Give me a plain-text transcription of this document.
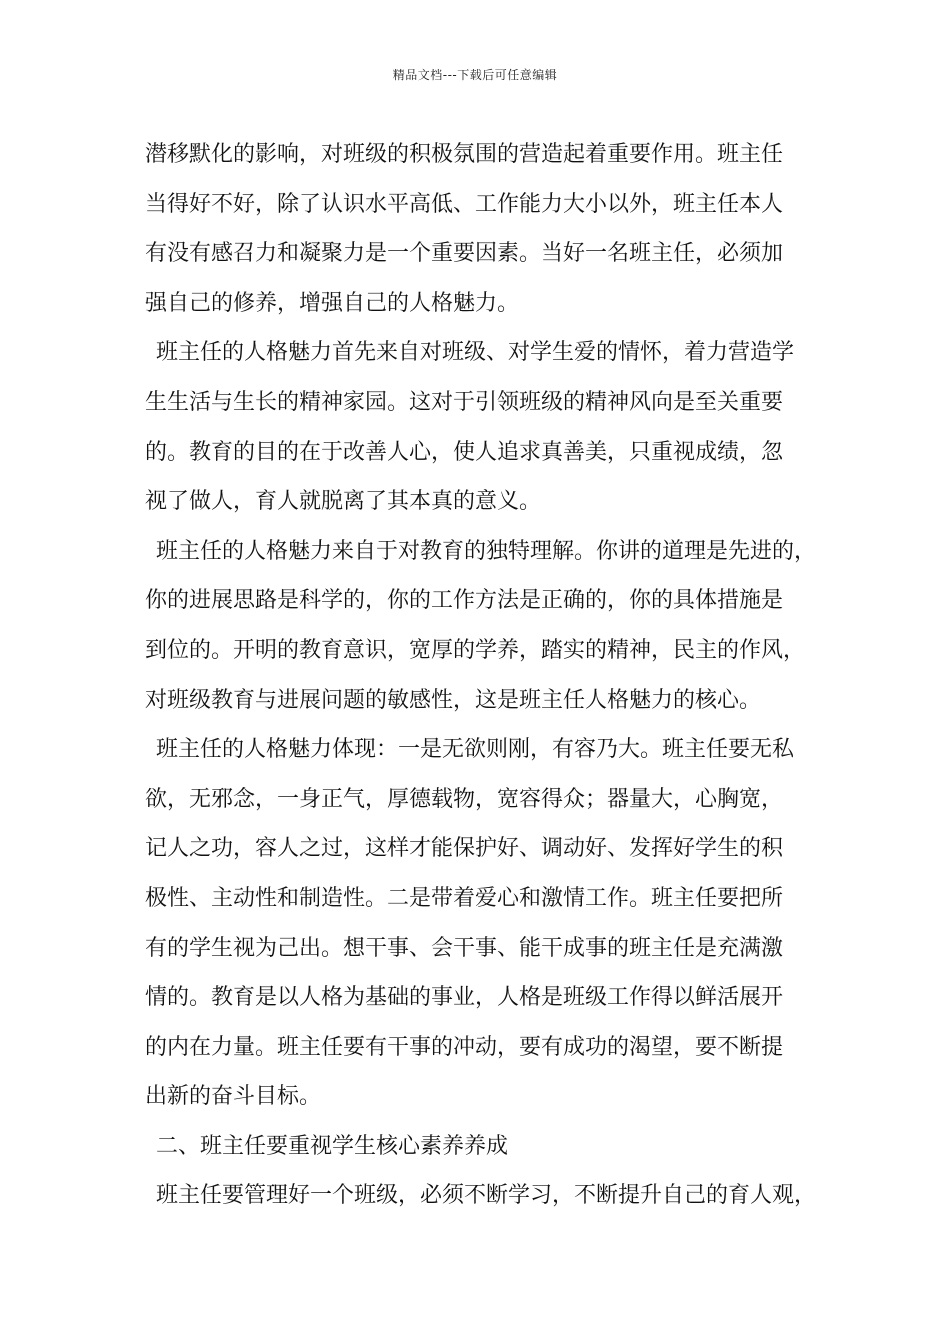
精品文档---下载后可任意编辑
潜移默化的影响，对班级的积极氛围的营造起着重要作用。班主任
当得好不好，除了认识水平高低、工作能力大小以外，班主任本人
有没有感召力和凝聚力是一个重要因素。当好一名班主任，必须加
强自己的修养，增强自己的人格魅力。
班主任的人格魅力首先来自对班级、对学生爱的情怀，着力营造学
生生活与生长的精神家园。这对于引领班级的精神风向是至关重要
的。教育的目的在于改善人心，使人追求真善美，只重视成绩，忽
视了做人，育人就脱离了其本真的意义。
班主任的人格魅力来自于对教育的独特理解。你讲的道理是先进的，
你的进展思路是科学的，你的工作方法是正确的，你的具体措施是
到位的。开明的教育意识，宽厚的学养，踏实的精神，民主的作风，
对班级教育与进展问题的敏感性，这是班主任人格魅力的核心。
班主任的人格魅力体现：一是无欲则刚，有容乃大。班主任要无私
欲，无邪念，一身正气，厚德载物，宽容得众；器量大，心胸宽，
记人之功，容人之过，这样才能保护好、调动好、发挥好学生的积
极性、主动性和制造性。二是带着爱心和激情工作。班主任要把所
有的学生视为己出。想干事、会干事、能干成事的班主任是充满激
情的。教育是以人格为基础的事业，人格是班级工作得以鲜活展开
的内在力量。班主任要有干事的冲动，要有成功的渴望，要不断提
出新的奋斗目标。
二、班主任要重视学生核心素养养成
班主任要管理好一个班级，必须不断学习，不断提升自己的育人观，
